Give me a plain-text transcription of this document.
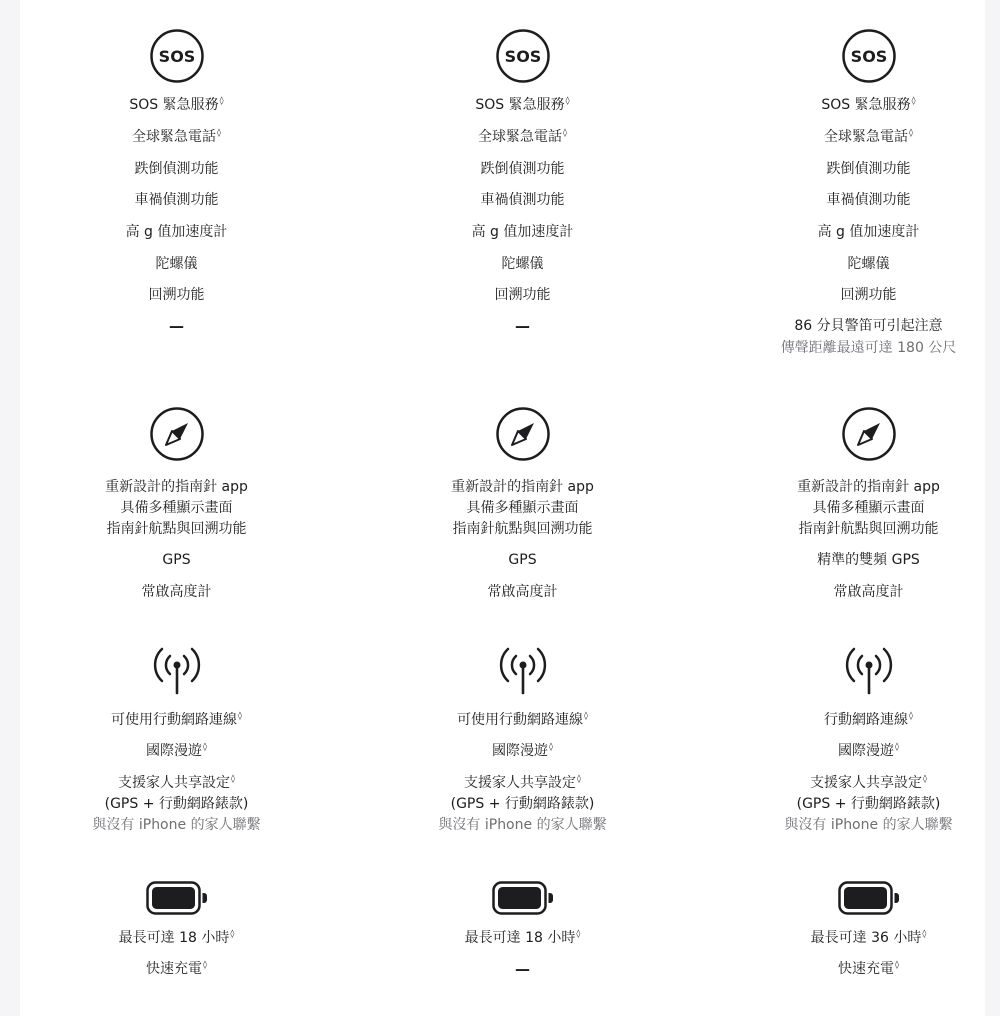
SOS
SOS 緊急服務◊
全球緊急電話◊
跌倒偵測功能
車禍偵測功能
高 g 值加速度計
陀螺儀
回溯功能
—
重新設計的指南針 app
具備多種顯示畫面
指南針航點與回溯功能
GPS
常啟高度計
可使用行動網路連線◊
國際漫遊◊
支援家人共享設定◊
(GPS + 行動網路錶款)
與沒有 iPhone 的家人聯繫
最長可達 18 小時◊
快速充電◊
SOS
SOS 緊急服務◊
全球緊急電話◊
跌倒偵測功能
車禍偵測功能
高 g 值加速度計
陀螺儀
回溯功能
—
重新設計的指南針 app
具備多種顯示畫面
指南針航點與回溯功能
GPS
常啟高度計
可使用行動網路連線◊
國際漫遊◊
支援家人共享設定◊
(GPS + 行動網路錶款)
與沒有 iPhone 的家人聯繫
最長可達 18 小時◊
—
SOS
SOS 緊急服務◊
全球緊急電話◊
跌倒偵測功能
車禍偵測功能
高 g 值加速度計
陀螺儀
回溯功能
86 分貝警笛可引起注意
傳聲距離最遠可達 180 公尺
重新設計的指南針 app
具備多種顯示畫面
指南針航點與回溯功能
精準的雙頻 GPS
常啟高度計
行動網路連線◊
國際漫遊◊
支援家人共享設定◊
(GPS + 行動網路錶款)
與沒有 iPhone 的家人聯繫
最長可達 36 小時◊
快速充電◊
